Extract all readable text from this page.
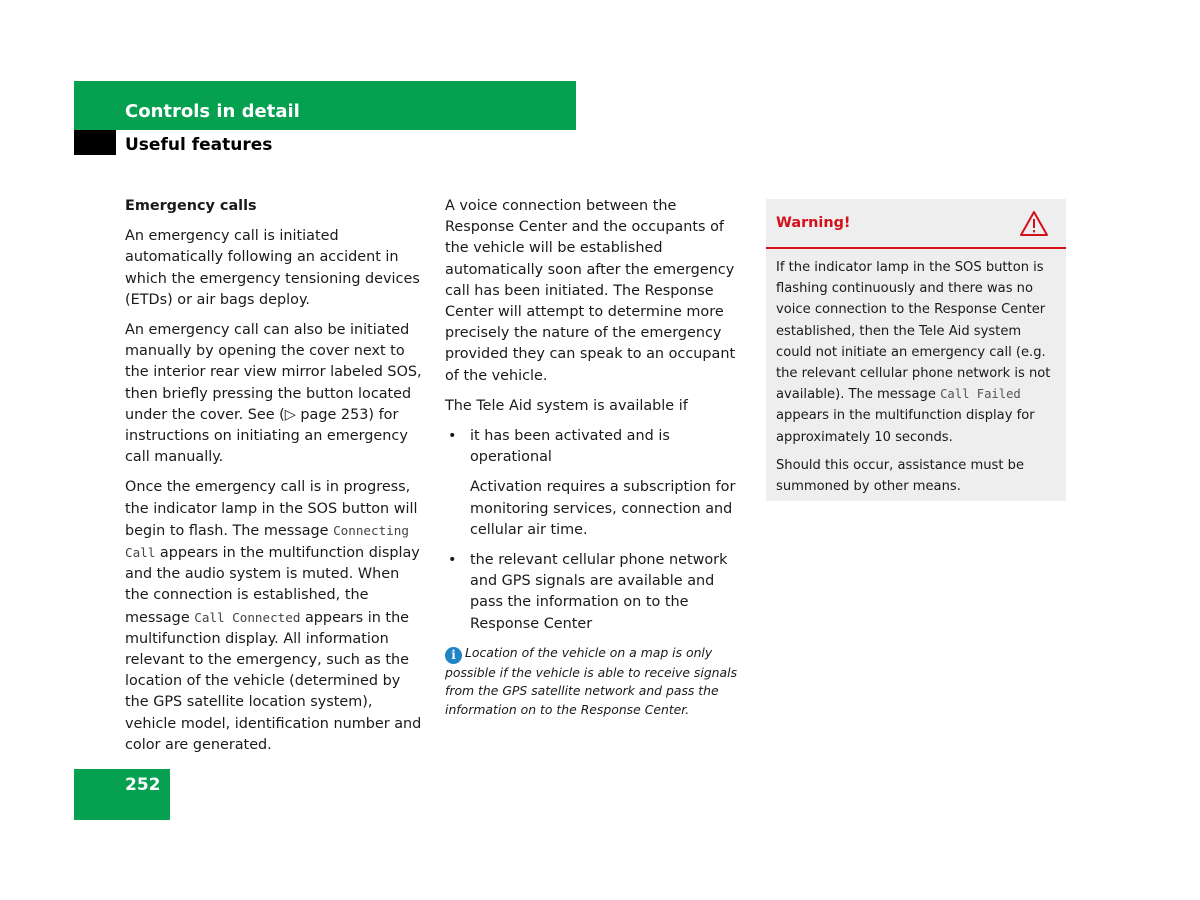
Controls in detail
Useful features
Emergency calls

An emergency call is initiated automatically following an accident in which the emergency tensioning devices (ETDs) or air bags deploy.

An emergency call can also be initiated manually by opening the cover next to the interior rear view mirror labeled SOS, then briefly pressing the button located under the cover. See (▷ page 253) for instructions on initiating an emergency call manually.

Once the emergency call is in progress, the indicator lamp in the SOS button will begin to flash. The message Connecting Call appears in the multifunction display and the audio system is muted. When the connection is established, the message Call Connected appears in the multifunction display. All information relevant to the emergency, such as the location of the vehicle (determined by the GPS satellite location system), vehicle model, identification number and color are generated.

A voice connection between the Response Center and the occupants of the vehicle will be established automatically soon after the emergency call has been initiated. The Response Center will attempt to determine more precisely the nature of the emergency provided they can speak to an occupant of the vehicle.

The Tele Aid system is available if

• it has been activated and is operational

Activation requires a subscription for monitoring services, connection and cellular air time.

• the relevant cellular phone network and GPS signals are available and pass the information on to the Response Center

i Location of the vehicle on a map is only possible if the vehicle is able to receive signals from the GPS satellite network and pass the information on to the Response Center.
Warning!

If the indicator lamp in the SOS button is flashing continuously and there was no voice connection to the Response Center established, then the Tele Aid system could not initiate an emergency call (e.g. the relevant cellular phone network is not available). The message Call Failed appears in the multifunction display for approximately 10 seconds.

Should this occur, assistance must be summoned by other means.

252
